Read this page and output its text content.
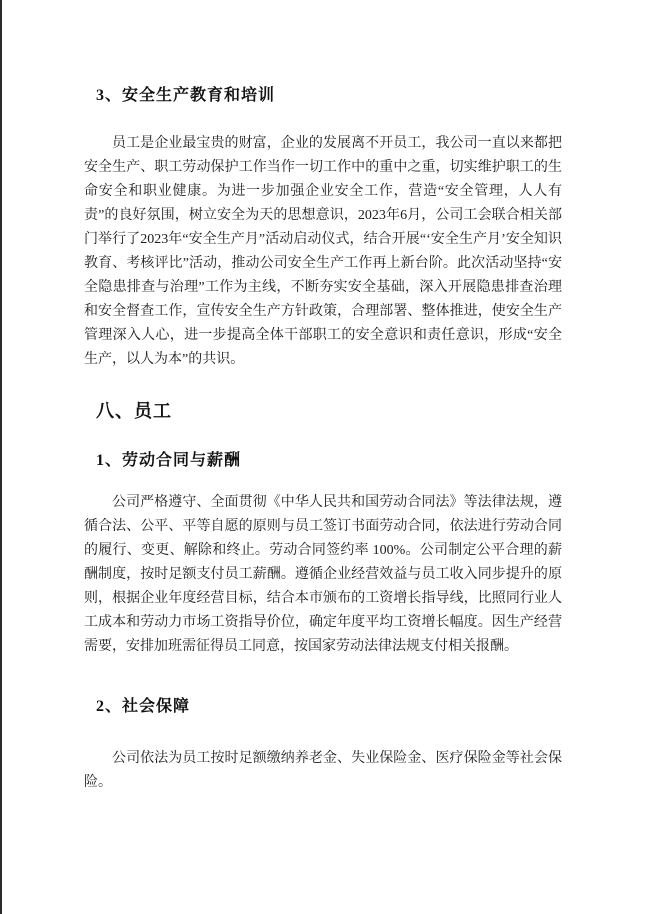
3、安全生产教育和培训

员工是企业最宝贵的财富，企业的发展离不开员工，我公司一直以来都把安全生产、职工劳动保护工作当作一切工作中的重中之重，切实维护职工的生命安全和职业健康。为进一步加强企业安全工作，营造“安全管理，人人有责”的良好氛围，树立安全为天的思想意识，2023年6月，公司工会联合相关部门举行了2023年“安全生产月”活动启动仪式，结合开展“‘安全生产月’安全知识教育、考核评比”活动，推动公司安全生产工作再上新台阶。此次活动坚持“安全隐患排查与治理”工作为主线，不断夯实安全基础，深入开展隐患排查治理和安全督查工作，宣传安全生产方针政策，合理部署、整体推进，使安全生产管理深入人心，进一步提高全体干部职工的安全意识和责任意识，形成“安全生产，以人为本”的共识。

八、员工
1、劳动合同与薪酬

公司严格遵守、全面贯彻《中华人民共和国劳动合同法》等法律法规，遵循合法、公平、平等自愿的原则与员工签订书面劳动合同，依法进行劳动合同的履行、变更、解除和终止。劳动合同签约率 100%。公司制定公平合理的薪酬制度，按时足额支付员工薪酬。遵循企业经营效益与员工收入同步提升的原则，根据企业年度经营目标，结合本市颁布的工资增长指导线，比照同行业人工成本和劳动力市场工资指导价位，确定年度平均工资增长幅度。因生产经营需要，安排加班需征得员工同意，按国家劳动法律法规支付相关报酬。

2、社会保障

公司依法为员工按时足额缴纳养老金、失业保险金、医疗保险金等社会保险。
